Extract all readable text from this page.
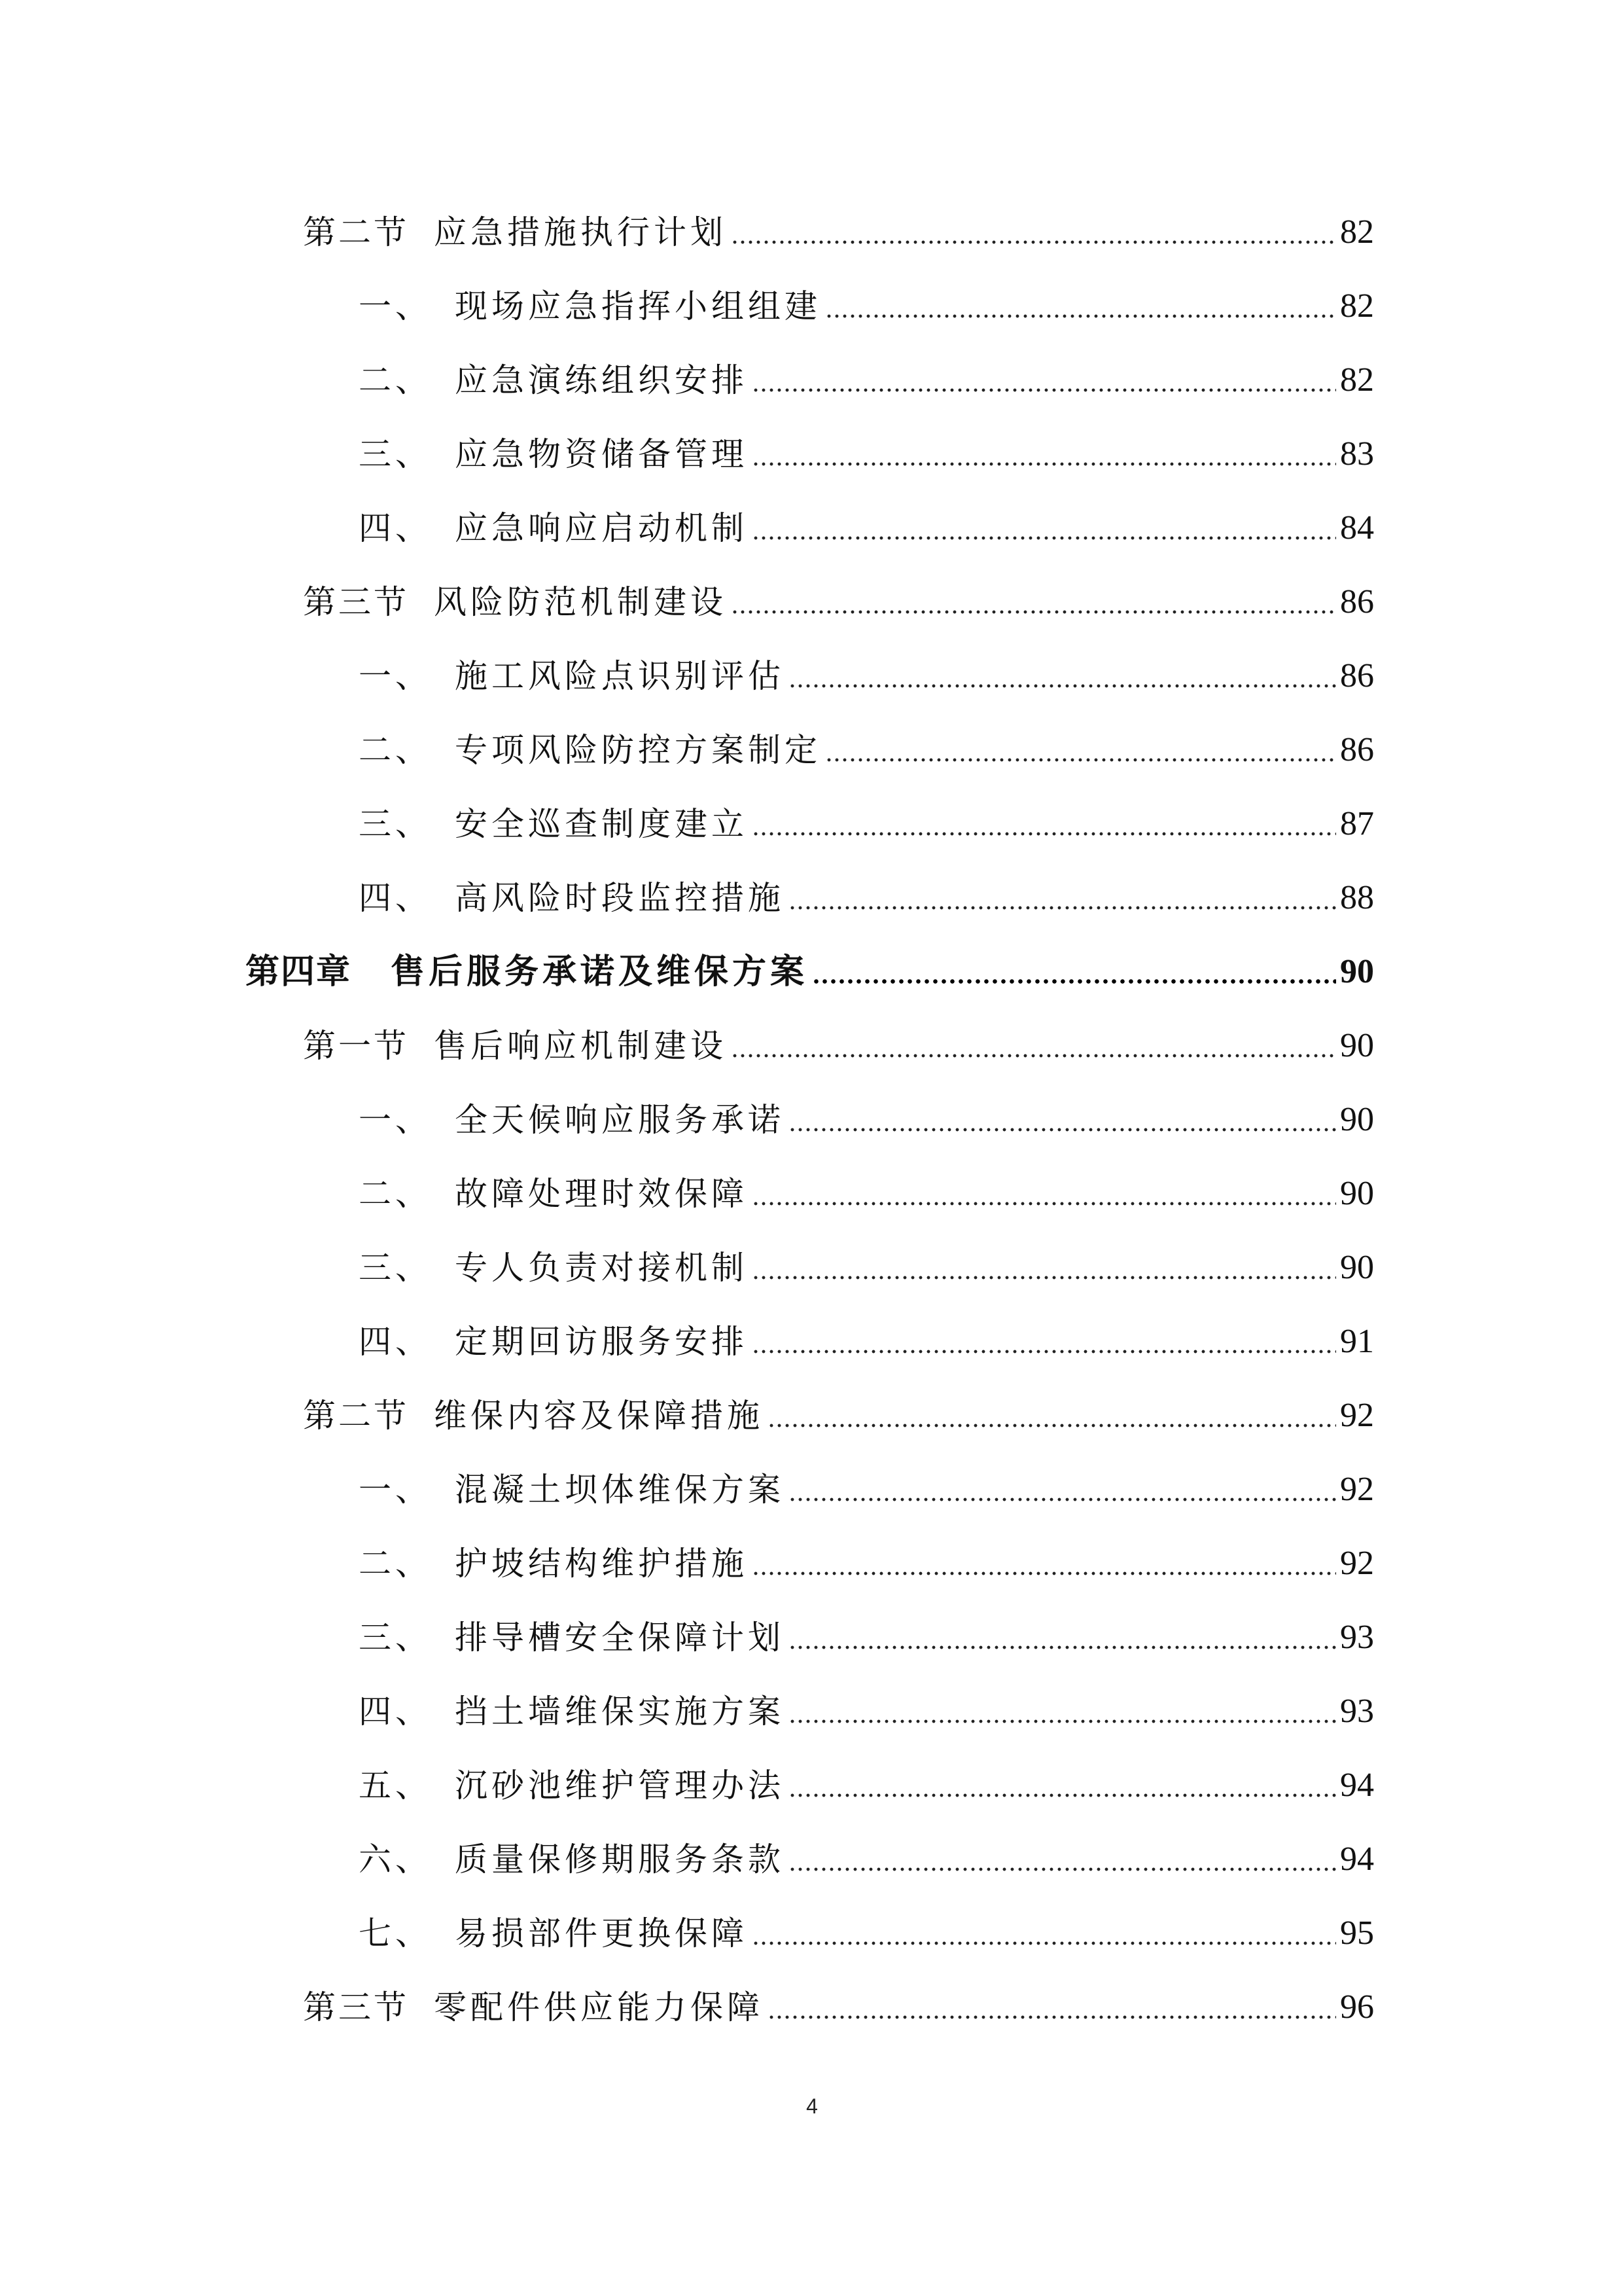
第二节 应急措施执行计划	82
一、 现场应急指挥小组组建	82
二、 应急演练组织安排	82
三、 应急物资储备管理	83
四、 应急响应启动机制	84
第三节 风险防范机制建设	86
一、 施工风险点识别评估	86
二、 专项风险防控方案制定	86
三、 安全巡查制度建立	87
四、 高风险时段监控措施	88
第四章	售后服务承诺及维保方案	90
第一节 售后响应机制建设	90
一、 全天候响应服务承诺	90
二、 故障处理时效保障	90
三、 专人负责对接机制	90
四、 定期回访服务安排	91
第二节 维保内容及保障措施	92
一、 混凝土坝体维保方案	92
二、 护坡结构维护措施	92
三、 排导槽安全保障计划	93
四、 挡土墙维保实施方案	93
五、 沉砂池维护管理办法	94
六、 质量保修期服务条款	94
七、 易损部件更换保障	95
第三节 零配件供应能力保障	96
4
